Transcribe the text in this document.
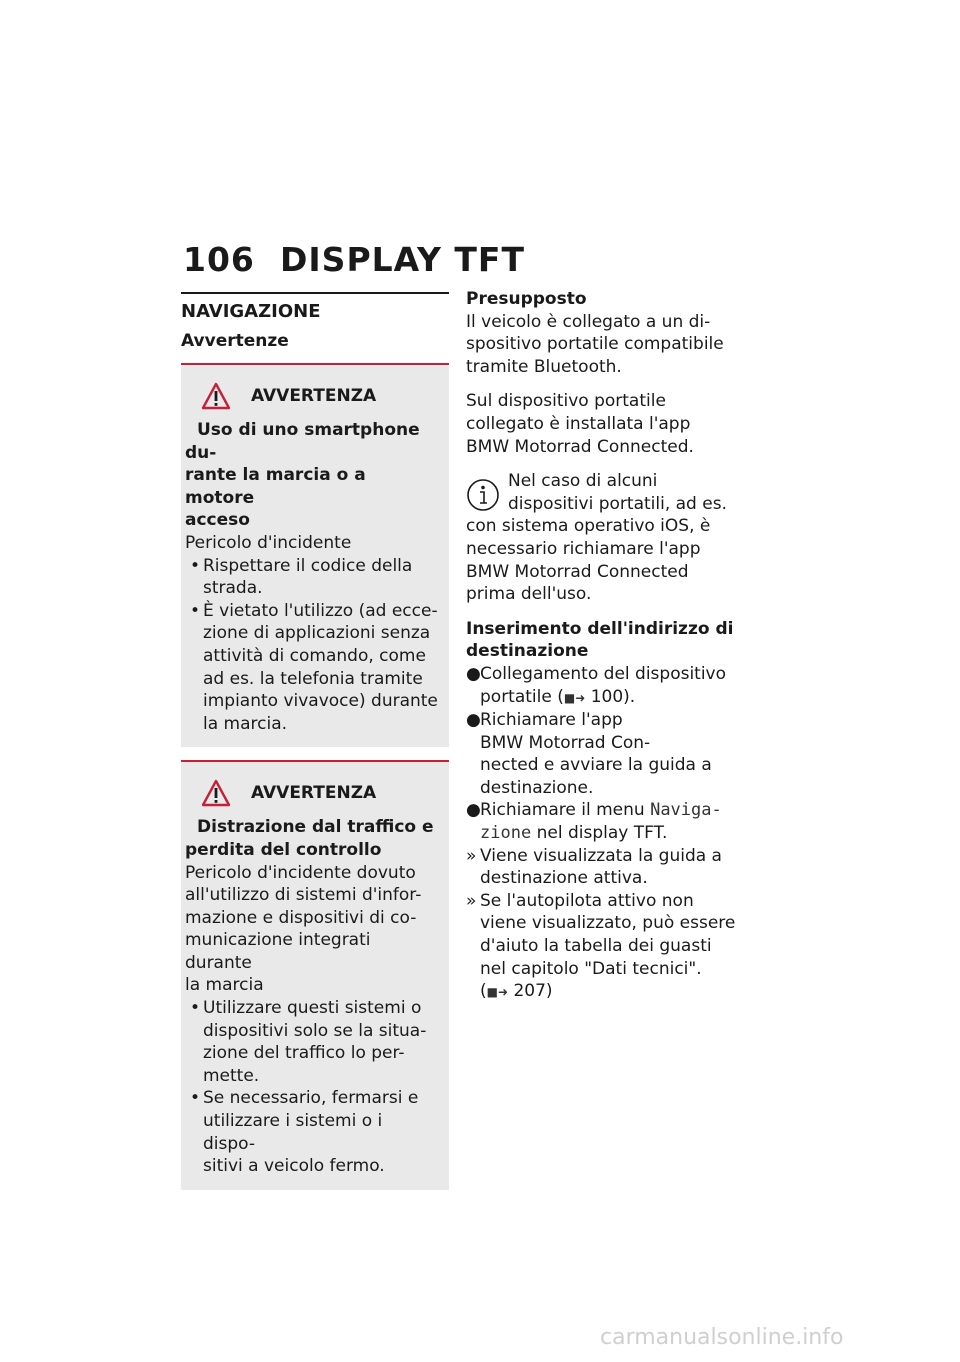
106 DISPLAY TFT
NAVIGAZIONE
Avvertenze
AVVERTENZA
Uso di uno smartphone du-
rante la marcia o a motore
acceso
Pericolo d'incidente
• Rispettare il codice della
strada.
• È vietato l'utilizzo (ad ecce-
zione di applicazioni senza
attività di comando, come
ad es. la telefonia tramite
impianto vivavoce) durante
la marcia.
AVVERTENZA
Distrazione dal traffico e
perdita del controllo
Pericolo d'incidente dovuto
all'utilizzo di sistemi d'infor-
mazione e dispositivi di co-
municazione integrati durante
la marcia
• Utilizzare questi sistemi o
dispositivi solo se la situa-
zione del traffico lo per-
mette.
• Se necessario, fermarsi e
utilizzare i sistemi o i dispo-
sitivi a veicolo fermo.
Presupposto
Il veicolo è collegato a un di-
spositivo portatile compatibile
tramite Bluetooth.
Sul dispositivo portatile
collegato è installata l'app
BMW Motorrad Connected.
Nel caso di alcuni
dispositivi portatili, ad es.
con sistema operativo iOS, è
necessario richiamare l'app
BMW Motorrad Connected
prima dell'uso.
Inserimento dell'indirizzo di
destinazione
●Collegamento del dispositivo
portatile (■➜ 100).
●Richiamare l'app
BMW Motorrad Con-
nected e avviare la guida a
destinazione.
●Richiamare il menu Naviga-
zione nel display TFT.
» Viene visualizzata la guida a
destinazione attiva.
» Se l'autopilota attivo non
viene visualizzato, può essere
d'aiuto la tabella dei guasti
nel capitolo "Dati tecnici".
(■➜ 207)
carmanualsonline.info
